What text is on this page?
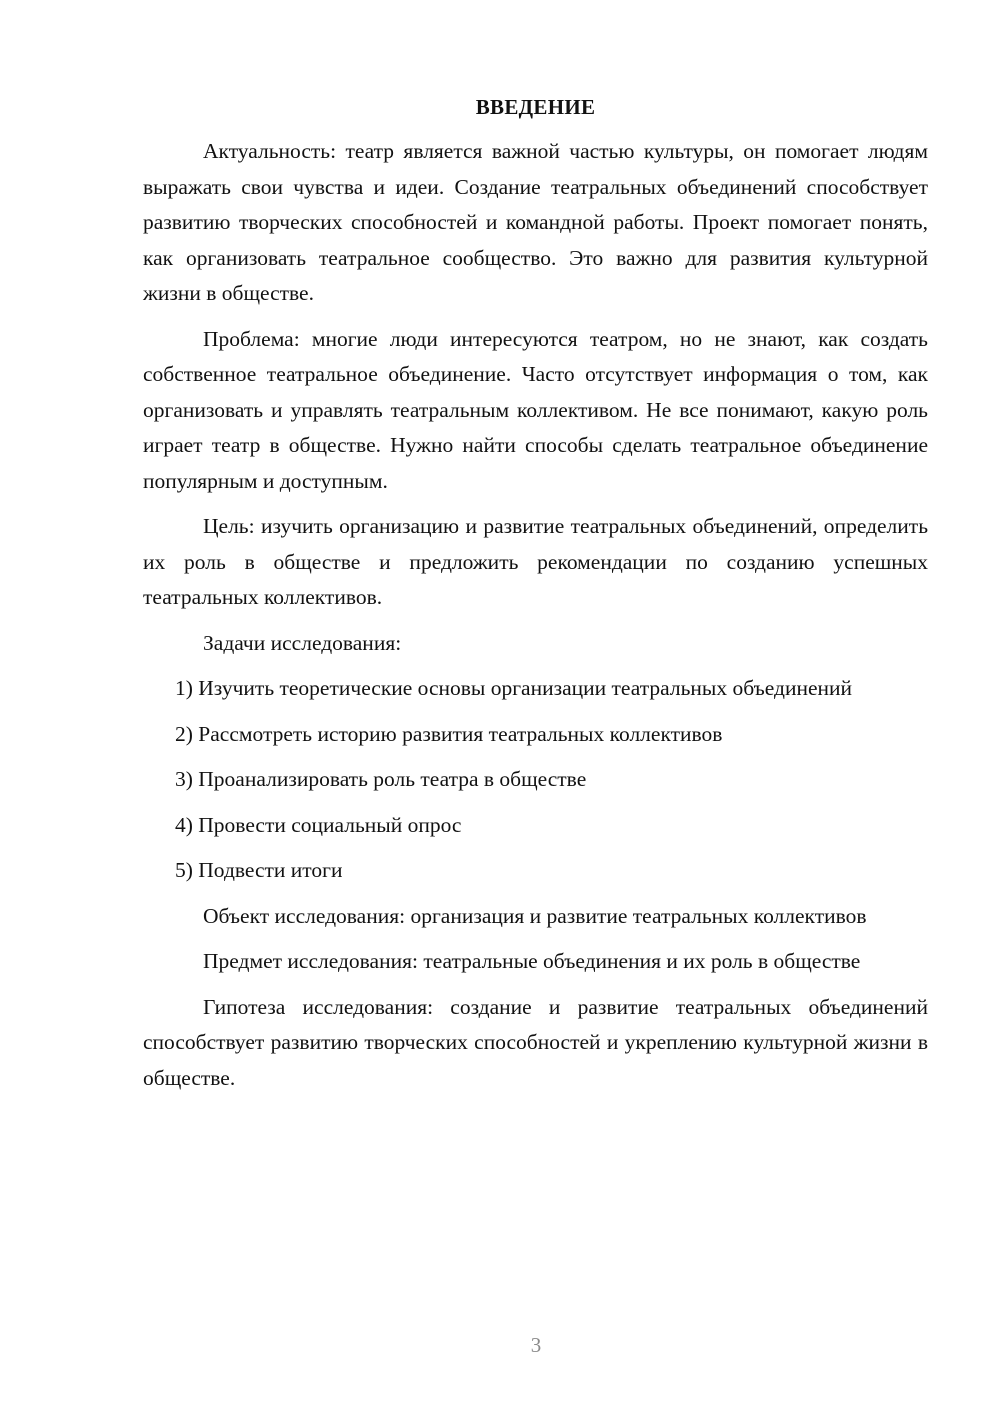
ВВЕДЕНИЕ

Актуальность: театр является важной частью культуры, он помогает людям выражать свои чувства и идеи. Создание театральных объединений способствует развитию творческих способностей и командной работы. Проект помогает понять, как организовать театральное сообщество. Это важно для развития культурной жизни в обществе.

Проблема: многие люди интересуются театром, но не знают, как создать собственное театральное объединение. Часто отсутствует информация о том, как организовать и управлять театральным коллективом. Не все понимают, какую роль играет театр в обществе. Нужно найти способы сделать театральное объединение популярным и доступным.

Цель: изучить организацию и развитие театральных объединений, определить их роль в обществе и предложить рекомендации по созданию успешных театральных коллективов.

Задачи исследования:

1) Изучить теоретические основы организации театральных объединений

2) Рассмотреть историю развития театральных коллективов

3) Проанализировать роль театра в обществе

4) Провести социальный опрос

5) Подвести итоги

Объект исследования: организация и развитие театральных коллективов

Предмет исследования: театральные объединения и их роль в обществе

Гипотеза исследования: создание и развитие театральных объединений способствует развитию творческих способностей и укреплению культурной жизни в обществе.

3
